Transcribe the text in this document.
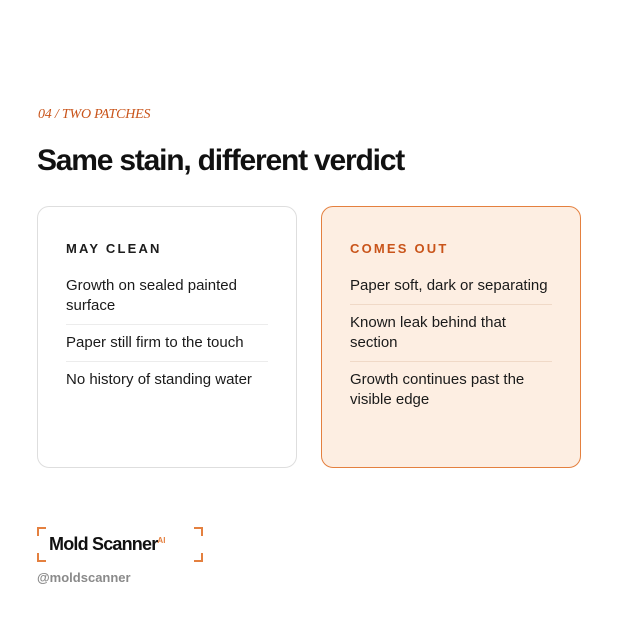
04 / TWO PATCHES
Same stain, different verdict
MAY CLEAN
Growth on sealed painted surface
Paper still firm to the touch
No history of standing water
COMES OUT
Paper soft, dark or separating
Known leak behind that section
Growth continues past the visible edge
Mold Scanner$^{AI}$
@moldscanner
